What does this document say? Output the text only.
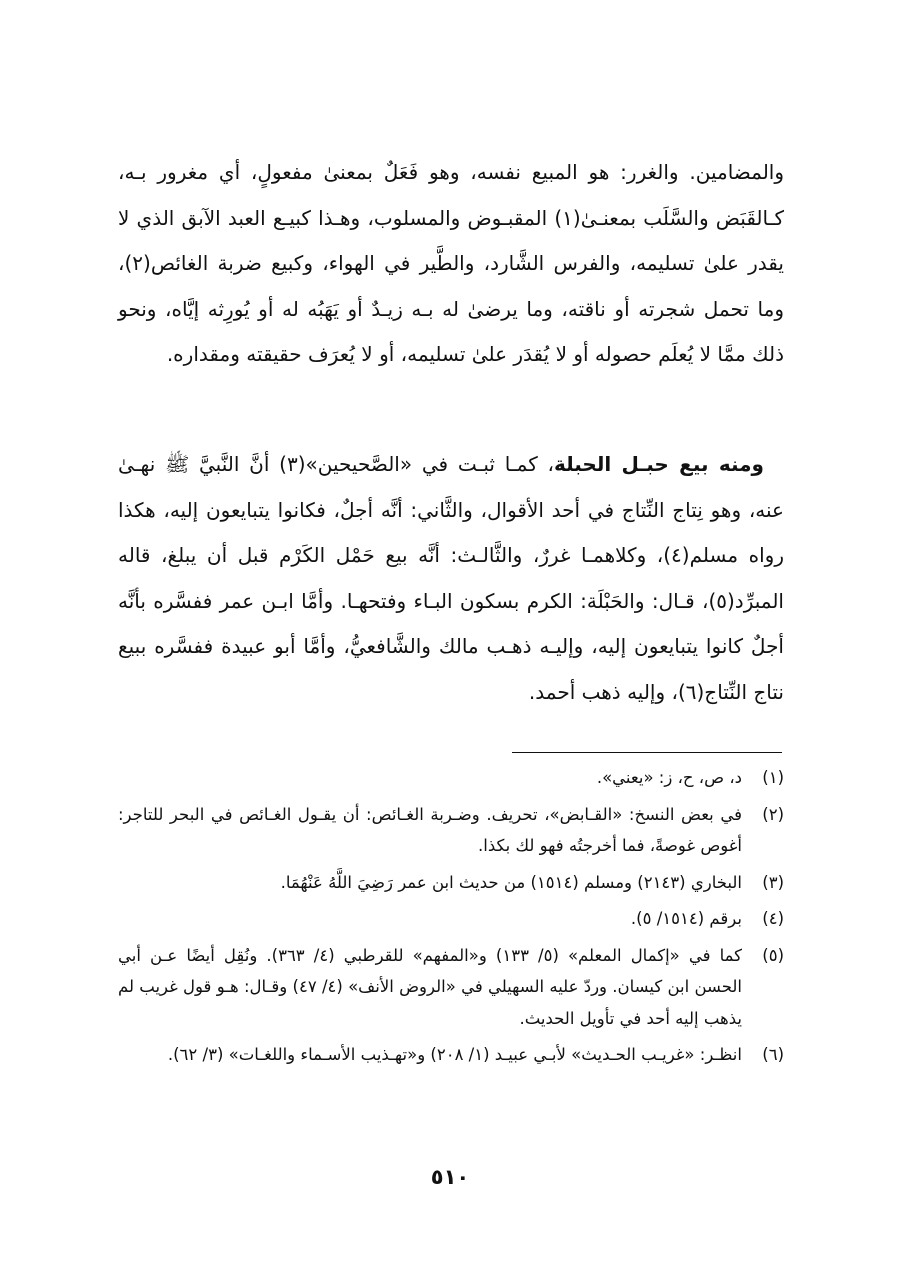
والمضامين. والغرر: هو المبيع نفسه، وهو فَعَلٌ بمعنىٰ مفعولٍ، أي مغرور بـه، كـالقَبَض والسَّلَب بمعنـىٰ(١) المقبـوض والمسلوب، وهـذا كبيـع العبد الآبق الذي لا يقدر علىٰ تسليمه، والفرس الشَّارد، والطَّير في الهواء، وكبيع ضربة الغائص(٢)، وما تحمل شجرته أو ناقته، وما يرضىٰ له بـه زيـدٌ أو يَهَبُه له أو يُورِثه إيَّاه، ونحو ذلك ممَّا لا يُعلَم حصوله أو لا يُقدَر علىٰ تسليمه، أو لا يُعرَف حقيقته ومقداره.

 ومنه بيع حبـل الحبلة، كمـا ثبـت في «الصَّحيحين»(٣) أنَّ النَّبيَّ ﷺ نهـىٰ عنه، وهو نِتاج النِّتاج في أحد الأقوال، والثَّاني: أنَّه أجلٌ، فكانوا يتبايعون إليه، هكذا رواه مسلم(٤)، وكلاهمـا غررٌ، والثَّالـث: أنَّه بيع حَمْل الكَرْم قبل أن يبلغ، قاله المبرِّد(٥)، قـال: والحَبْلَة: الكرم بسكون البـاء وفتحهـا. وأمَّا ابـن عمر ففسَّره بأنَّه أجلٌ كانوا يتبايعون إليه، وإليـه ذهـب مالك والشَّافعيُّ، وأمَّا أبو عبيدة ففسَّره ببيع نتاج النِّتاج(٦)، وإليه ذهب أحمد.

(١)
د، ص، ح، ز: «يعني».
(٢)
في بعض النسخ: «القـابض»، تحريف. وضـربة الغـائص: أن يقـول الغـائص في البحر للتاجر: أغوص غوصةً، فما أخرجتُه فهو لك بكذا.
(٣)
البخاري (٢١٤٣) ومسلم (١٥١٤) من حديث ابن عمر رَضِيَ اللَّهُ عَنْهُمَا.
(٤)
برقم (١٥١٤/ ٥).
(٥)
كما في «إكمال المعلم» (٥/ ١٣٣) و«المفهم» للقرطبي (٤/ ٣٦٣). ونُقِل أيضًا عـن أبي الحسن ابن كيسان. وردّ عليه السهيلي في «الروض الأنف» (٤/ ٤٧) وقـال: هـو قول غريب لم يذهب إليه أحد في تأويل الحديث.
(٦)
انظـر: «غريـب الحـديث» لأبـي عبيـد (١/ ٢٠٨) و«تهـذيب الأسـماء واللغـات» (٣/ ٦٢).
٥١٠
